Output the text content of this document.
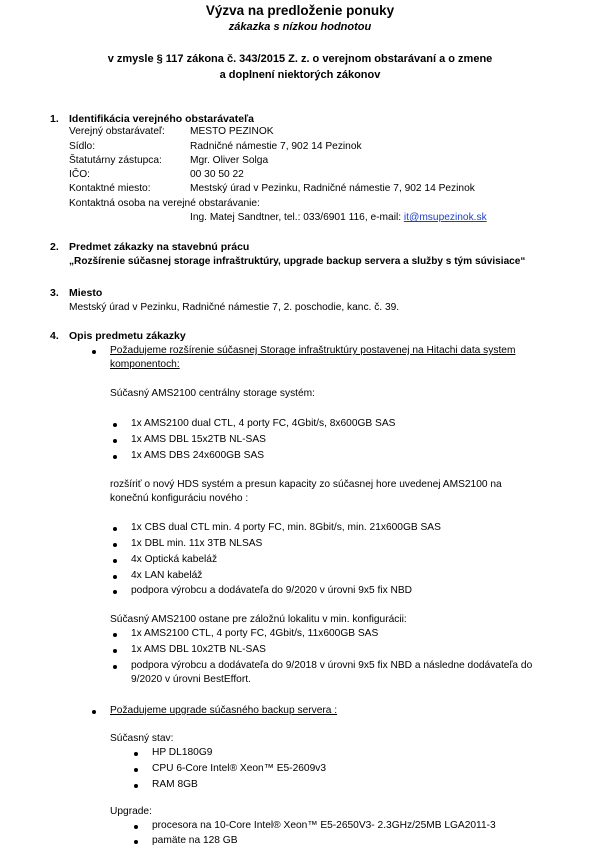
Výzva na predloženie ponuky
zákazka s nízkou hodnotou
v zmysle § 117 zákona č. 343/2015 Z. z. o verejnom obstarávaní a o zmene
a doplnení niektorých zákonov
1. Identifikácia verejného obstarávateľa
Verejný obstarávateľ: MESTO PEZINOK
Sídlo:	Radničné námestie 7, 902 14 Pezinok
Štatutárny zástupca:	Mgr. Oliver Solga
IČO:	00 30 50 22
Kontaktné miesto:	Mestský úrad v Pezinku, Radničné námestie 7, 902 14 Pezinok
Kontaktná osoba na verejné obstarávanie:
Ing. Matej Sandtner, tel.: 033/6901 116, e-mail: it@msupezinok.sk
2. Predmet zákazky na stavebnú prácu
„Rozšírenie súčasnej storage infraštruktúry, upgrade backup servera a služby s tým súvisiace“
3. Miesto
Mestský úrad v Pezinku, Radničné námestie 7, 2. poschodie, kanc. č. 39.
4. Opis predmetu zákazky
Požadujeme rozšírenie súčasnej Storage infraštruktúry postavenej na Hitachi data system
komponentoch:
Súčasný AMS2100 centrálny storage systém:
1x AMS2100 dual CTL, 4 porty FC, 4Gbit/s, 8x600GB SAS
1x AMS DBL 15x2TB NL-SAS
1x AMS DBS 24x600GB SAS
rozšíriť o nový HDS systém a presun kapacity zo súčasnej hore uvedenej AMS2100 na
konečnú konfiguráciu nového :
1x CBS dual CTL min. 4 porty FC, min. 8Gbit/s, min. 21x600GB SAS
1x DBL min. 11x 3TB NLSAS
4x Optická kabeláž
4x LAN kabeláž
podpora výrobcu a dodávateľa do 9/2020 v úrovni 9x5 fix NBD
Súčasný AMS2100 ostane pre záložnú lokalitu v min. konfigurácii:
1x AMS2100 CTL, 4 porty FC, 4Gbit/s, 11x600GB SAS
1x AMS DBL 10x2TB NL-SAS
podpora výrobcu a dodávateľa do 9/2018 v úrovni 9x5 fix NBD a následne dodávateľa do
9/2020 v úrovni BestEffort.
Požadujeme upgrade súčasného backup servera :
Súčasný stav:
HP DL180G9
CPU 6-Core Intel® Xeon™ E5-2609v3
RAM 8GB
Upgrade:
procesora na 10-Core Intel® Xeon™ E5-2650V3- 2.3GHz/25MB LGA2011-3
pamäte na 128 GB
